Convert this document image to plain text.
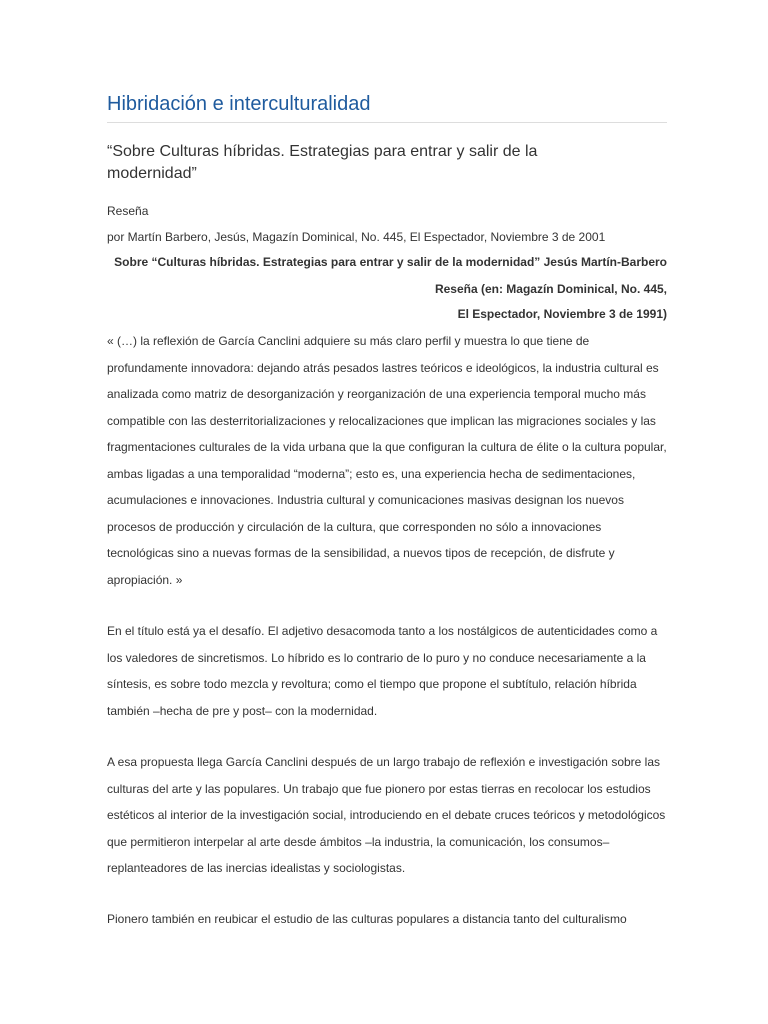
Hibridación e interculturalidad
“Sobre Culturas híbridas. Estrategias para entrar y salir de la modernidad”
Reseña
por Martín Barbero, Jesús, Magazín Dominical, No. 445, El Espectador, Noviembre 3 de 2001
Sobre “Culturas híbridas. Estrategias para entrar y salir de la modernidad” Jesús Martín-Barbero
Reseña (en: Magazín Dominical, No. 445,
El Espectador, Noviembre 3 de 1991)

« (…) la reflexión de García Canclini adquiere su más claro perfil y muestra lo que tiene de profundamente innovadora: dejando atrás pesados lastres teóricos e ideológicos, la industria cultural es analizada como matriz de desorganización y reorganización de una experiencia temporal mucho más compatible con las desterritorializaciones y relocalizaciones que implican las migraciones sociales y las fragmentaciones culturales de la vida urbana que la que configuran la cultura de élite o la cultura popular, ambas ligadas a una temporalidad “moderna”; esto es, una experiencia hecha de sedimentaciones, acumulaciones e innovaciones. Industria cultural y comunicaciones masivas designan los nuevos procesos de producción y circulación de la cultura, que corresponden no sólo a innovaciones tecnológicas sino a nuevas formas de la sensibilidad, a nuevos tipos de recepción, de disfrute y apropiación. »

En el título está ya el desafío. El adjetivo desacomoda tanto a los nostálgicos de autenticidades como a los valedores de sincretismos. Lo híbrido es lo contrario de lo puro y no conduce necesariamente a la síntesis, es sobre todo mezcla y revoltura; como el tiempo que propone el subtítulo, relación híbrida también –hecha de pre y post– con la modernidad.

A esa propuesta llega García Canclini después de un largo trabajo de reflexión e investigación sobre las culturas del arte y las populares. Un trabajo que fue pionero por estas tierras en recolocar los estudios estéticos al interior de la investigación social, introduciendo en el debate cruces teóricos y metodológicos que permitieron interpelar al arte desde ámbitos –la industria, la comunicación, los consumos– replanteadores de las inercias idealistas y sociologistas.

Pionero también en reubicar el estudio de las culturas populares a distancia tanto del culturalismo
